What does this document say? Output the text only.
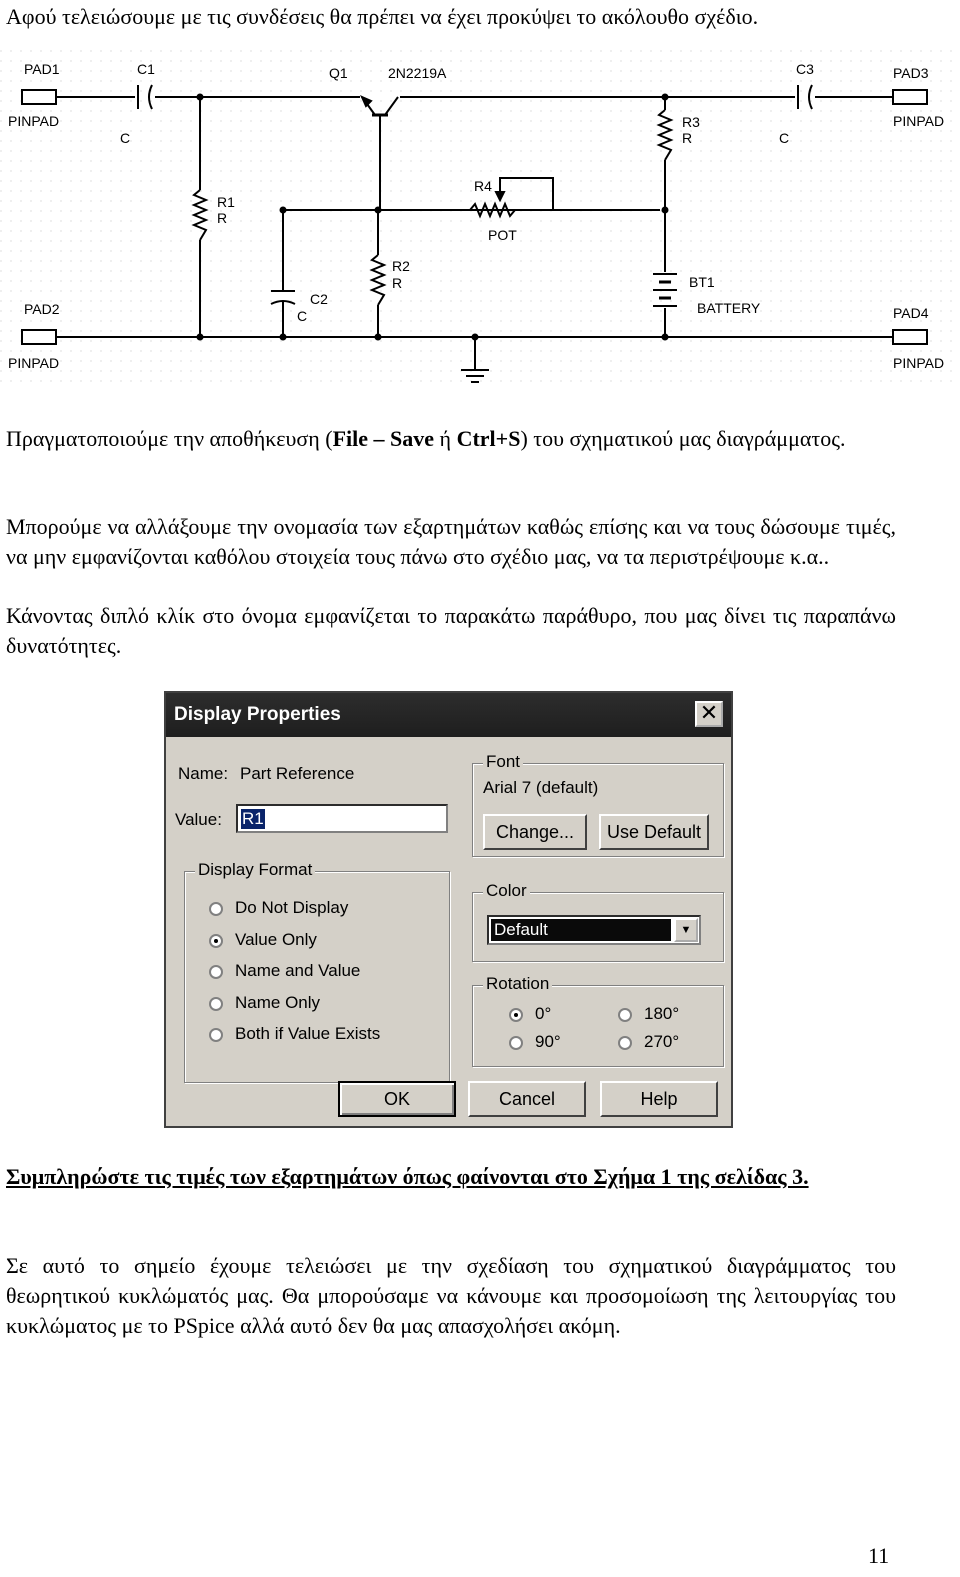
Αφού τελειώσουμε με τις συνδέσεις θα πρέπει να έχει προκύψει το ακόλουθο σχέδιο.

PAD1
PINPAD
PAD2
PINPAD
PAD3
PINPAD
PAD4
PINPAD
C1
C
C3
C
C2
C
Q1	2N2219A
R1
R
R2
R
R3
R
R4
POT
BT1
BATTERY

Πραγματοποιούμε την αποθήκευση (File – Save ή Ctrl+S) του σχηματικού μας διαγράμματος.

Μπορούμε να αλλάξουμε την ονομασία των εξαρτημάτων καθώς επίσης και να τους δώσουμε τιμές, να μην εμφανίζονται καθόλου στοιχεία τους πάνω στο σχέδιο μας, να τα περιστρέψουμε κ.α..

Κάνοντας διπλό κλίκ στο όνομα εμφανίζεται το παρακάτω παράθυρο, που μας δίνει τις παραπάνω δυνατότητες.

Display Properties	✕
Name: Part Reference
Value: R1
Display Format
Do Not Display
Value Only
Name and Value
Name Only
Both if Value Exists
Font
Arial 7 (default)
Change...	Use Default
Color
Default	▼
Rotation
0°	180°
90°	270°
OK	Cancel	Help

Συμπληρώστε τις τιμές των εξαρτημάτων όπως φαίνονται στο Σχήμα 1 της σελίδας 3.

Σε αυτό το σημείο έχουμε τελειώσει με την σχεδίαση του σχηματικού διαγράμματος του θεωρητικού κυκλώματός μας. Θα μπορούσαμε να κάνουμε και προσομοίωση της λειτουργίας του κυκλώματος με το PSpice αλλά αυτό δεν θα μας απασχολήσει ακόμη.

11
